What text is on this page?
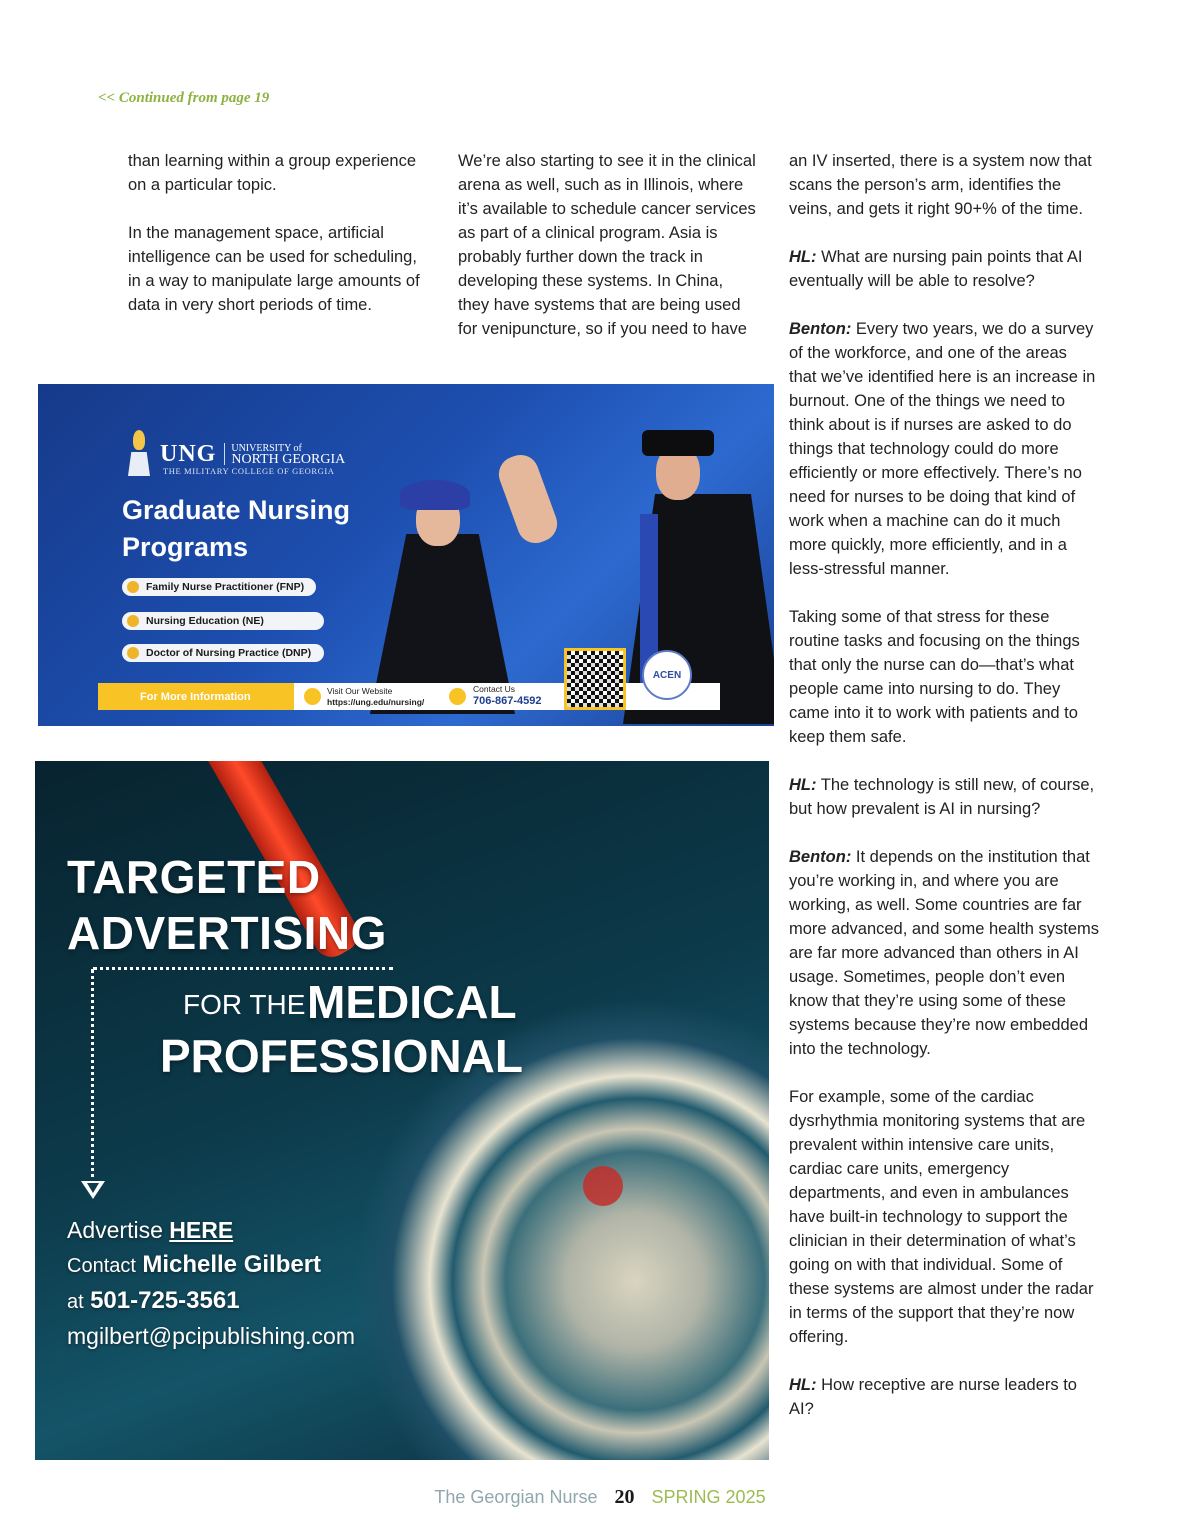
<< Continued from page 19

than learning within a group experience on a particular topic.

In the management space, artificial intelligence can be used for scheduling, in a way to manipulate large amounts of data in very short periods of time.

We’re also starting to see it in the clinical arena as well, such as in Illinois, where it’s available to schedule cancer services as part of a clinical program. Asia is probably further down the track in developing these systems. In China, they have systems that are being used for venipuncture, so if you need to have

an IV inserted, there is a system now that scans the person’s arm, identifies the veins, and gets it right 90+% of the time.

HL: What are nursing pain points that AI eventually will be able to resolve?

Benton: Every two years, we do a survey of the workforce, and one of the areas that we’ve identified here is an increase in burnout. One of the things we need to think about is if nurses are asked to do things that technology could do more efficiently or more effectively. There’s no need for nurses to be doing that kind of work when a machine can do it much more quickly, more efficiently, and in a less-stressful manner.

Taking some of that stress for these routine tasks and focusing on the things that only the nurse can do—that’s what people came into nursing to do. They came into it to work with patients and to keep them safe.

HL: The technology is still new, of course, but how prevalent is AI in nursing?

Benton: It depends on the institution that you’re working in, and where you are working, as well. Some countries are far more advanced, and some health systems are far more advanced than others in AI usage. Sometimes, people don’t even know that they’re using some of these systems because they’re now embedded into the technology.

For example, some of the cardiac dysrhythmia monitoring systems that are prevalent within intensive care units, cardiac care units, emergency departments, and even in ambulances have built-in technology to support the clinician in their determination of what’s going on with that individual. Some of these systems are almost under the radar in terms of the support that they’re now offering.

HL: How receptive are nurse leaders to AI?

UNG UNIVERSITY of
NORTH GEORGIA
THE MILITARY COLLEGE OF GEORGIA
Graduate Nursing Programs
Family Nurse Practitioner (FNP)
Nursing Education (NE)
Doctor of Nursing Practice (DNP)
For More Information	Visit Our Website
https://ung.edu/nursing/
Contact Us
706-867-4592
ACEN
TARGETED
ADVERTISING
FOR THE MEDICAL
PROFESSIONAL
Advertise HERE
Contact Michelle Gilbert
at 501-725-3561
mgilbert@pcipublishing.com
The Georgian Nurse 20 SPRING 2025
